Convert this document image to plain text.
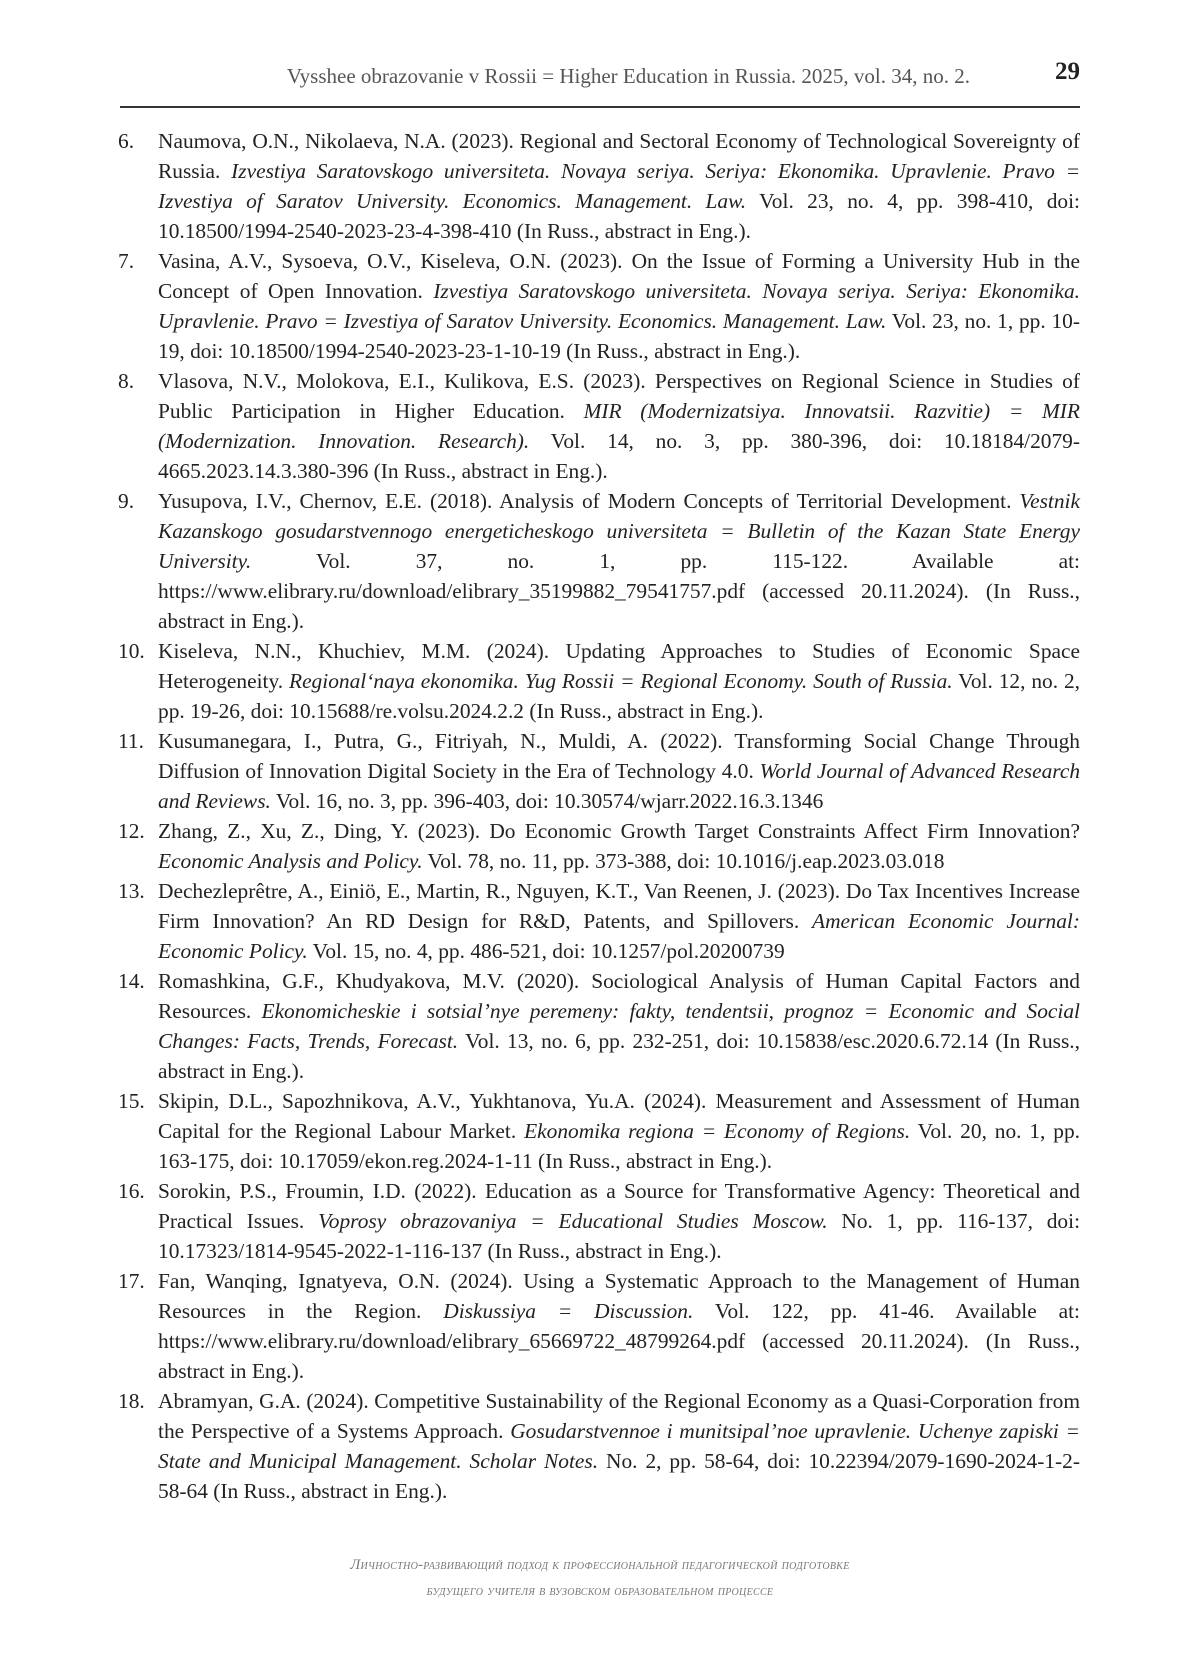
Vysshee obrazovanie v Rossii = Higher Education in Russia. 2025, vol. 34, no. 2.	29
6.	Naumova, O.N., Nikolaeva, N.A. (2023). Regional and Sectoral Economy of Technological Sovereignty of Russia. Izvestiya Saratovskogo universiteta. Novaya seriya. Seriya: Ekonomika. Upravlenie. Pravo = Izvestiya of Saratov University. Economics. Management. Law. Vol. 23, no. 4, pp. 398-410, doi: 10.18500/1994-2540-2023-23-4-398-410 (In Russ., abstract in Eng.).
7.	Vasina, A.V., Sysoeva, O.V., Kiseleva, O.N. (2023). On the Issue of Forming a University Hub in the Concept of Open Innovation. Izvestiya Saratovskogo universiteta. Novaya seriya. Seriya: Ekonomika. Upravlenie. Pravo = Izvestiya of Saratov University. Economics. Management. Law. Vol. 23, no. 1, pp. 10-19, doi: 10.18500/1994-2540-2023-23-1-10-19 (In Russ., abstract in Eng.).
8.	Vlasova, N.V., Molokova, E.I., Kulikova, E.S. (2023). Perspectives on Regional Science in Studies of Public Participation in Higher Education. MIR (Modernizatsiya. Innovatsii. Razvitie) = MIR (Modernization. Innovation. Research). Vol. 14, no. 3, pp. 380-396, doi: 10.18184/2079-4665.2023.14.3.380-396 (In Russ., abstract in Eng.).
9.	Yusupova, I.V., Chernov, E.E. (2018). Analysis of Modern Concepts of Territorial Development. Vestnik Kazanskogo gosudarstvennogo energeticheskogo universiteta = Bulletin of the Kazan State Energy University. Vol. 37, no. 1, pp. 115-122. Available at: https://www.elibrary.ru/download/elibrary_35199882_79541757.pdf (accessed 20.11.2024). (In Russ., abstract in Eng.).
10. Kiseleva, N.N., Khuchiev, M.M. (2024). Updating Approaches to Studies of Economic Space Heterogeneity. Regional‘naya ekonomika. Yug Rossii = Regional Economy. South of Russia. Vol. 12, no. 2, pp. 19-26, doi: 10.15688/re.volsu.2024.2.2 (In Russ., abstract in Eng.).
11. Kusumanegara, I., Putra, G., Fitriyah, N., Muldi, A. (2022). Transforming Social Change Through Diffusion of Innovation Digital Society in the Era of Technology 4.0. World Journal of Advanced Research and Reviews. Vol. 16, no. 3, pp. 396-403, doi: 10.30574/wjarr.2022.16.3.1346
12. Zhang, Z., Xu, Z., Ding, Y. (2023). Do Economic Growth Target Constraints Affect Firm Innovation? Economic Analysis and Policy. Vol. 78, no. 11, pp. 373-388, doi: 10.1016/j.eap.2023.03.018
13. Dechezleprêtre, A., Einiö, E., Martin, R., Nguyen, K.T., Van Reenen, J. (2023). Do Tax Incentives Increase Firm Innovation? An RD Design for R&D, Patents, and Spillovers. American Economic Journal: Economic Policy. Vol. 15, no. 4, pp. 486-521, doi: 10.1257/pol.20200739
14. Romashkina, G.F., Khudyakova, M.V. (2020). Sociological Analysis of Human Capital Factors and Resources. Ekonomicheskie i sotsial’nye peremeny: fakty, tendentsii, prognoz = Economic and Social Changes: Facts, Trends, Forecast. Vol. 13, no. 6, pp. 232-251, doi: 10.15838/esc.2020.6.72.14 (In Russ., abstract in Eng.).
15. Skipin, D.L., Sapozhnikova, A.V., Yukhtanova, Yu.A. (2024). Measurement and Assessment of Human Capital for the Regional Labour Market. Ekonomika regiona = Economy of Regions. Vol. 20, no. 1, pp. 163-175, doi: 10.17059/ekon.reg.2024-1-11 (In Russ., abstract in Eng.).
16. Sorokin, P.S., Froumin, I.D. (2022). Education as a Source for Transformative Agency: Theoretical and Practical Issues. Voprosy obrazovaniya = Educational Studies Moscow. No. 1, pp. 116-137, doi: 10.17323/1814-9545-2022-1-116-137 (In Russ., abstract in Eng.).
17. Fan, Wanqing, Ignatyeva, O.N. (2024). Using a Systematic Approach to the Management of Human Resources in the Region. Diskussiya = Discussion. Vol. 122, pp. 41-46. Available at: https://www.elibrary.ru/download/elibrary_65669722_48799264.pdf (accessed 20.11.2024). (In Russ., abstract in Eng.).
18. Abramyan, G.A. (2024). Competitive Sustainability of the Regional Economy as a Quasi-Corporation from the Perspective of a Systems Approach. Gosudarstvennoe i munitsipal’noe upravlenie. Uchenye zapiski = State and Municipal Management. Scholar Notes. No. 2, pp. 58-64, doi: 10.22394/2079-1690-2024-1-2-58-64 (In Russ., abstract in Eng.).
Личностно-развивающий подход к профессиональной педагогической подготовке
будущего учителя в вузовском образовательном процессе
